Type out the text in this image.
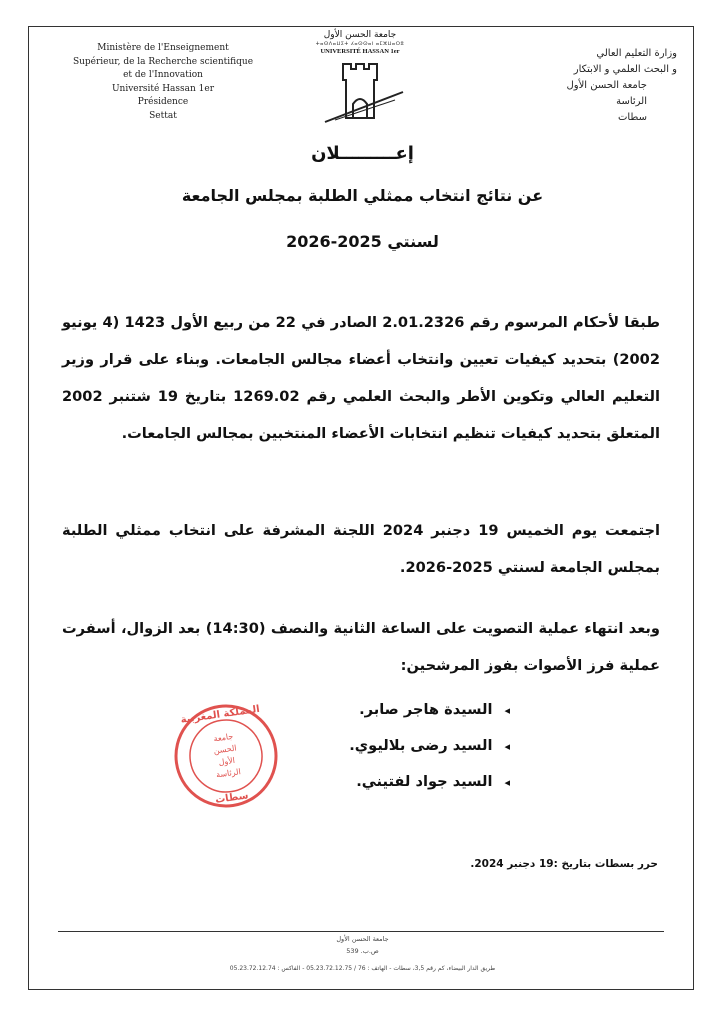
Ministère de l'Enseignement
Supérieur, de la Recherche scientifique
et de l'Innovation
Université Hassan 1er
Présidence
Settat
جامعة الحسن الأول
ⵜⴰⵙⴷⴰⵡⵉⵜ ⵃⴰⵙⵙⴰⵏ ⴰⵎⵣⵡⴰⵔⵓ
UNIVERSITÉ HASSAN 1er	وزارة التعليم العالي
و البحث العلمي و الابتكار
جامعة الحسن الأول
الرئاسة
سطات
إعـــــــــلان
عن نتائج انتخاب ممثلي الطلبة بمجلس الجامعة
لسنتي 2025-2026
طبقا لأحكام المرسوم رقم 2.01.2326 الصادر في 22 من ربيع الأول 1423 (4 يونيو 2002) بتحديد كيفيات تعيين وانتخاب أعضاء مجالس الجامعات. وبناء على قرار وزير التعليم العالي وتكوين الأطر والبحث العلمي رقم 1269.02 بتاريخ 19 شتنبر 2002 المتعلق بتحديد كيفيات تنظيم انتخابات الأعضاء المنتخبين بمجالس الجامعات.
اجتمعت يوم الخميس 19 دجنبر 2024 اللجنة المشرفة على انتخاب ممثلي الطلبة بمجلس الجامعة لسنتي 2025-2026.
وبعد انتهاء عملية التصويت على الساعة الثانية والنصف (14:30) بعد الزوال، أسفرت عملية فرز الأصوات بفوز المرشحين:
◂السيدة هاجر صابر.
◂السيد رضى بلاليوي.
◂السيد جواد لفتيني.
المملكة المغربية
جامعة
الحسن
الأول
الرئاسة
سطات
حرر بسطات بتاريخ :19 دجنبر 2024.
جامعة الحسن الأول
ص.ب. 539
طريق الدار البيضاء، كم رقم 3,5، سطات - الهاتف : 76 / 05.23.72.12.75 - الفاكس : 05.23.72.12.74
